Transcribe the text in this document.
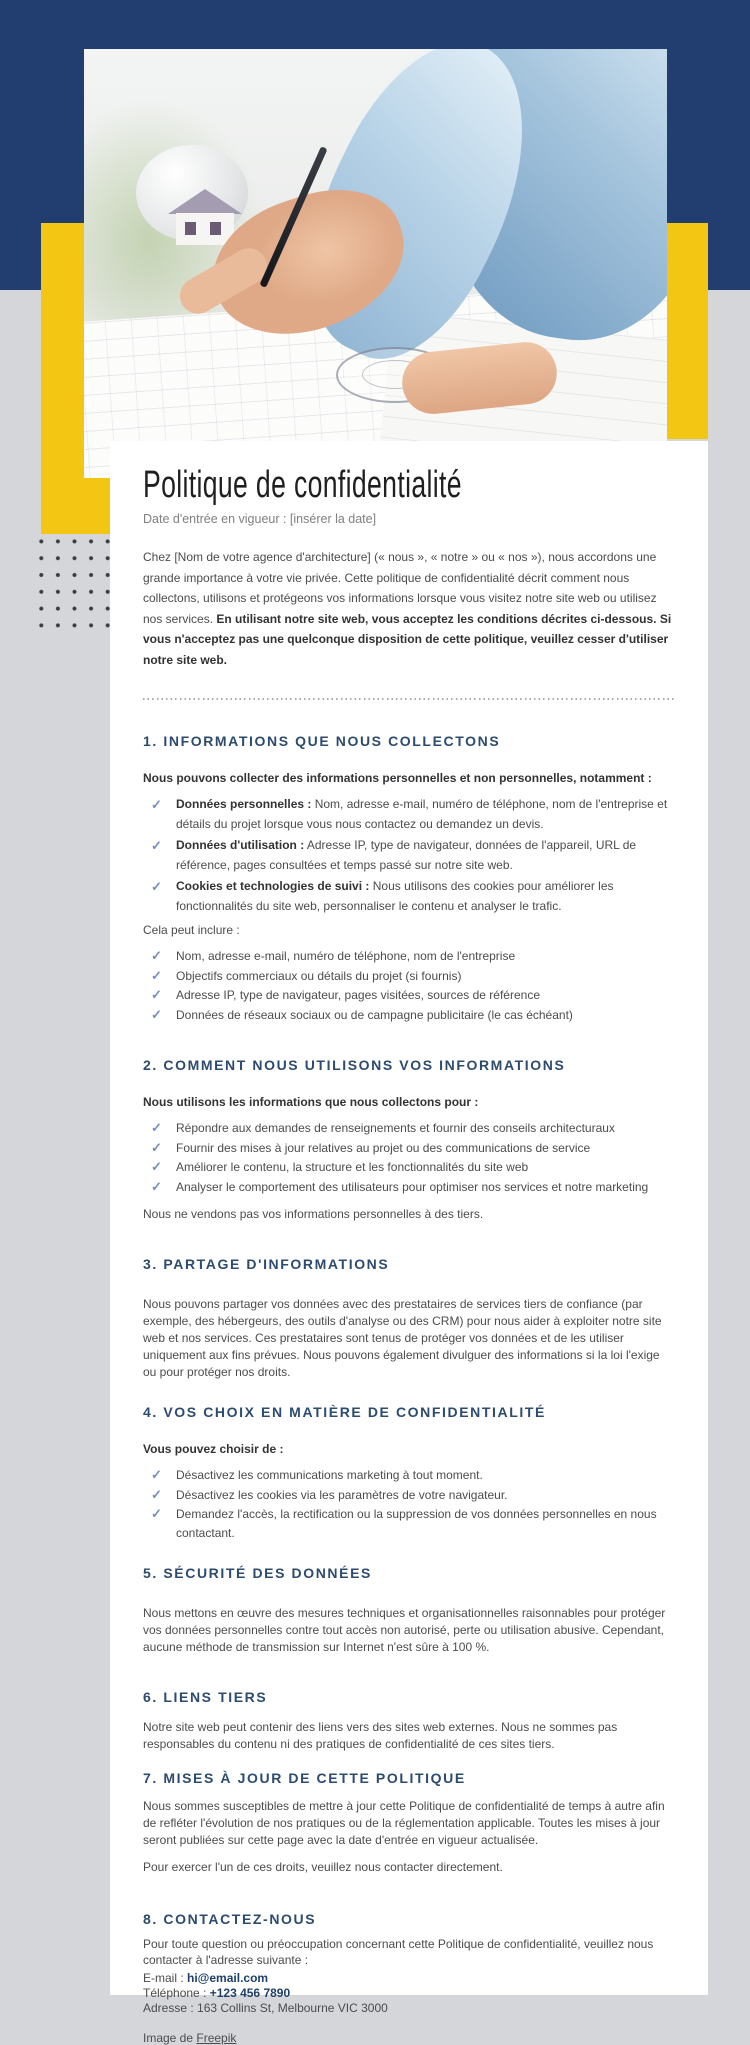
Politique de confidentialité
Date d'entrée en vigueur : [insérer la date]

Chez [Nom de votre agence d'architecture] (« nous », « notre » ou « nos »), nous accordons une grande importance à votre vie privée. Cette politique de confidentialité décrit comment nous collectons, utilisons et protégeons vos informations lorsque vous visitez notre site web ou utilisez nos services. En utilisant notre site web, vous acceptez les conditions décrites ci-dessous. Si vous n'acceptez pas une quelconque disposition de cette politique, veuillez cesser d'utiliser notre site web.

1. INFORMATIONS QUE NOUS COLLECTONS

Nous pouvons collecter des informations personnelles et non personnelles, notamment :

✓ Données personnelles : Nom, adresse e-mail, numéro de téléphone, nom de l'entreprise et détails du projet lorsque vous nous contactez ou demandez un devis.
✓ Données d'utilisation : Adresse IP, type de navigateur, données de l'appareil, URL de référence, pages consultées et temps passé sur notre site web.
✓ Cookies et technologies de suivi : Nous utilisons des cookies pour améliorer les fonctionnalités du site web, personnaliser le contenu et analyser le trafic.

Cela peut inclure :

✓ Nom, adresse e-mail, numéro de téléphone, nom de l'entreprise
✓ Objectifs commerciaux ou détails du projet (si fournis)
✓ Adresse IP, type de navigateur, pages visitées, sources de référence
✓ Données de réseaux sociaux ou de campagne publicitaire (le cas échéant)
2. COMMENT NOUS UTILISONS VOS INFORMATIONS

Nous utilisons les informations que nous collectons pour :

✓ Répondre aux demandes de renseignements et fournir des conseils architecturaux
✓ Fournir des mises à jour relatives au projet ou des communications de service
✓ Améliorer le contenu, la structure et les fonctionnalités du site web
✓ Analyser le comportement des utilisateurs pour optimiser nos services et notre marketing

Nous ne vendons pas vos informations personnelles à des tiers.

3. PARTAGE D'INFORMATIONS

Nous pouvons partager vos données avec des prestataires de services tiers de confiance (par exemple, des hébergeurs, des outils d'analyse ou des CRM) pour nous aider à exploiter notre site web et nos services. Ces prestataires sont tenus de protéger vos données et de les utiliser uniquement aux fins prévues. Nous pouvons également divulguer des informations si la loi l'exige ou pour protéger nos droits.

4. VOS CHOIX EN MATIÈRE DE CONFIDENTIALITÉ

Vous pouvez choisir de :

✓ Désactivez les communications marketing à tout moment.
✓ Désactivez les cookies via les paramètres de votre navigateur.
✓ Demandez l'accès, la rectification ou la suppression de vos données personnelles en nous contactant.
5. SÉCURITÉ DES DONNÉES

Nous mettons en œuvre des mesures techniques et organisationnelles raisonnables pour protéger vos données personnelles contre tout accès non autorisé, perte ou utilisation abusive. Cependant, aucune méthode de transmission sur Internet n'est sûre à 100 %.

6. LIENS TIERS

Notre site web peut contenir des liens vers des sites web externes. Nous ne sommes pas responsables du contenu ni des pratiques de confidentialité de ces sites tiers.

7. MISES À JOUR DE CETTE POLITIQUE

Nous sommes susceptibles de mettre à jour cette Politique de confidentialité de temps à autre afin de refléter l'évolution de nos pratiques ou de la réglementation applicable. Toutes les mises à jour seront publiées sur cette page avec la date d'entrée en vigueur actualisée.

Pour exercer l'un de ces droits, veuillez nous contacter directement.

8. CONTACTEZ-NOUS

Pour toute question ou préoccupation concernant cette Politique de confidentialité, veuillez nous contacter à l'adresse suivante :

E-mail : hi@email.com
Téléphone : +123 456 7890
Adresse : 163 Collins St, Melbourne VIC 3000
Image de Freepik
